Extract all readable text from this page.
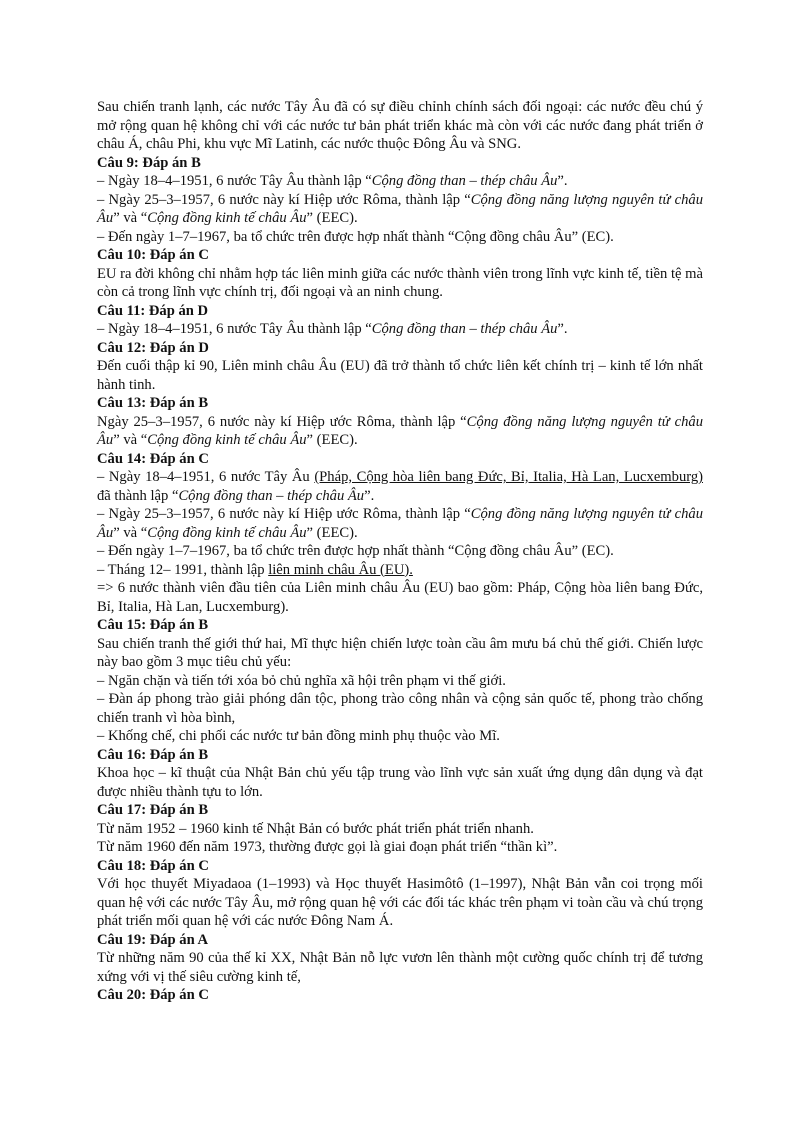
Sau chiến tranh lạnh, các nước Tây Âu đã có sự điều chỉnh chính sách đối ngoại: các nước đều chú ý mở rộng quan hệ không chỉ với các nước tư bản phát triển khác mà còn với các nước đang phát triển ở châu Á, châu Phi, khu vực Mĩ Latinh, các nước thuộc Đông Âu và SNG.

Câu 9: Đáp án B

– Ngày 18–4–1951, 6 nước Tây Âu thành lập “Cộng đồng than – thép châu Âu”.

– Ngày 25–3–1957, 6 nước này kí Hiệp ước Rôma, thành lập “Cộng đồng năng lượng nguyên tử châu Âu” và “Cộng đồng kinh tế châu Âu” (EEC).

– Đến ngày 1–7–1967, ba tổ chức trên được hợp nhất thành “Cộng đồng châu Âu” (EC).

Câu 10: Đáp án C

EU ra đời không chỉ nhằm hợp tác liên minh giữa các nước thành viên trong lĩnh vực kinh tế, tiền tệ mà còn cả trong lĩnh vực chính trị, đối ngoại và an ninh chung.

Câu 11: Đáp án D

– Ngày 18–4–1951, 6 nước Tây Âu thành lập “Cộng đồng than – thép châu Âu”.

Câu 12: Đáp án D

Đến cuối thập kỉ 90, Liên minh châu Âu (EU) đã trở thành tổ chức liên kết chính trị – kinh tế lớn nhất hành tinh.

Câu 13: Đáp án B

Ngày 25–3–1957, 6 nước này kí Hiệp ước Rôma, thành lập “Cộng đồng năng lượng nguyên tử châu Âu” và “Cộng đồng kinh tế châu Âu” (EEC).

Câu 14: Đáp án C

– Ngày 18–4–1951, 6 nước Tây Âu (Pháp, Cộng hòa liên bang Đức, Bỉ, Italia, Hà Lan, Lucxemburg) đã thành lập “Cộng đồng than – thép châu Âu”.

– Ngày 25–3–1957, 6 nước này kí Hiệp ước Rôma, thành lập “Cộng đồng năng lượng nguyên tử châu Âu” và “Cộng đồng kinh tế châu Âu” (EEC).

– Đến ngày 1–7–1967, ba tổ chức trên được hợp nhất thành “Cộng đồng châu Âu” (EC).

– Tháng 12– 1991, thành lập liên minh châu Âu (EU).

=> 6 nước thành viên đầu tiên của Liên minh châu Âu (EU) bao gồm: Pháp, Cộng hòa liên bang Đức, Bỉ, Italia, Hà Lan, Lucxemburg).

Câu 15: Đáp án B

Sau chiến tranh thế giới thứ hai, Mĩ thực hiện chiến lược toàn cầu âm mưu bá chủ thế giới. Chiến lược này bao gồm 3 mục tiêu chủ yếu:

– Ngăn chặn và tiến tới xóa bỏ chủ nghĩa xã hội trên phạm vi thế giới.

– Đàn áp phong trào giải phóng dân tộc, phong trào công nhân và cộng sản quốc tế, phong trào chống chiến tranh vì hòa bình,

– Khống chế, chi phối các nước tư bản đồng minh phụ thuộc vào Mĩ.

Câu 16: Đáp án B

Khoa học – kĩ thuật của Nhật Bản chủ yếu tập trung vào lĩnh vực sản xuất ứng dụng dân dụng và đạt được nhiều thành tựu to lớn.

Câu 17: Đáp án B

Từ năm 1952 – 1960 kinh tế Nhật Bản có bước phát triển phát triển nhanh.

Từ năm 1960 đến năm 1973, thường được gọi là giai đoạn phát triển “thần kì”.

Câu 18: Đáp án C

Với học thuyết Miyadaoa (1–1993) và Học thuyết Hasimôtô (1–1997), Nhật Bản vẫn coi trọng mối quan hệ với các nước Tây Âu, mở rộng quan hệ với các đối tác khác trên phạm vi toàn cầu và chú trọng phát triển mối quan hệ với các nước Đông Nam Á.

Câu 19: Đáp án A

Từ những năm 90 của thế kỉ XX, Nhật Bản nỗ lực vươn lên thành một cường quốc chính trị để tương xứng với vị thế siêu cường kinh tế,

Câu 20: Đáp án C
